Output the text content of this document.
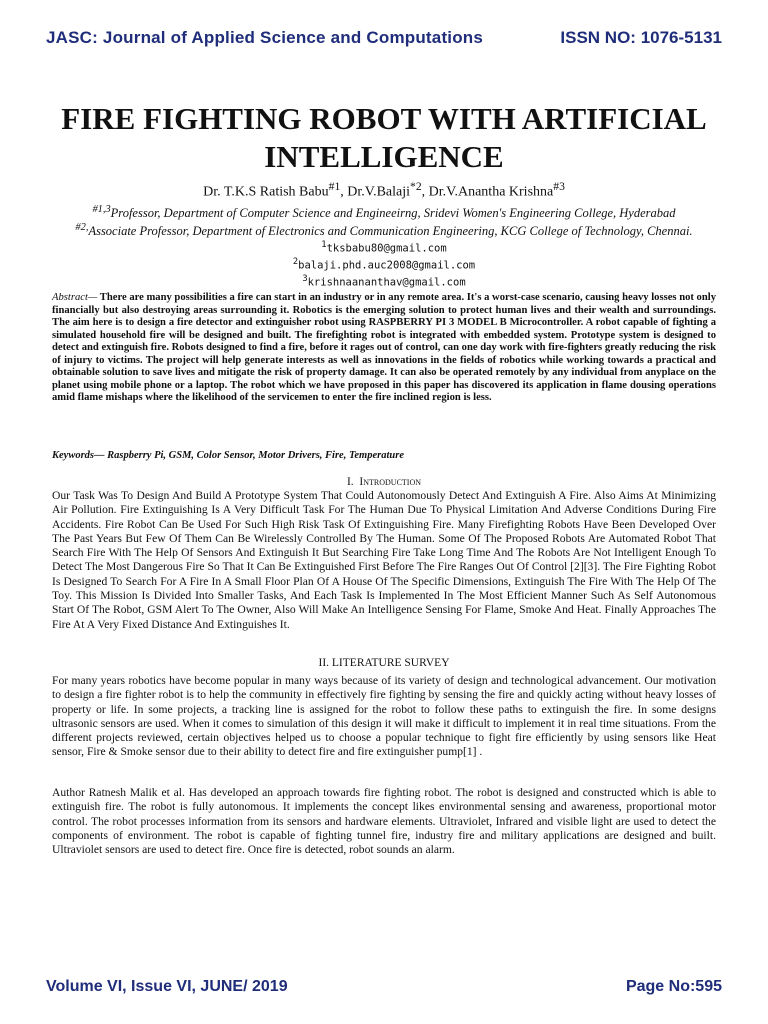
JASC: Journal of Applied Science and Computations	ISSN NO: 1076-5131
FIRE FIGHTING ROBOT WITH ARTIFICIAL INTELLIGENCE
Dr. T.K.S Ratish Babu$^{\#1}$, Dr.V.Balaji$^{*2}$, Dr.V.Anantha Krishna$^{\#3}$
$^{\#1,3}$Professor, Department of Computer Science and Engineeirng, Sridevi Women's Engineering College, Hyderabad
$^{\#2,}$Associate Professor, Department of Electronics and Communication Engineering, KCG College of Technology, Chennai.
$^1$tksbabu80@gmail.com
$^2$balaji.phd.auc2008@gmail.com
$^3$krishnaananthav@gmail.com

Abstract— There are many possibilities a fire can start in an industry or in any remote area. It's a worst-case scenario, causing heavy losses not only financially but also destroying areas surrounding it. Robotics is the emerging solution to protect human lives and their wealth and surroundings. The aim here is to design a fire detector and extinguisher robot using RASPBERRY PI 3 MODEL B Microcontroller. A robot capable of fighting a simulated household fire will be designed and built. The firefighting robot is integrated with embedded system. Prototype system is designed to detect and extinguish fire. Robots designed to find a fire, before it rages out of control, can one day work with fire-fighters greatly reducing the risk of injury to victims. The project will help generate interests as well as innovations in the fields of robotics while working towards a practical and obtainable solution to save lives and mitigate the risk of property damage. It can also be operated remotely by any individual from anyplace on the planet using mobile phone or a laptop. The robot which we have proposed in this paper has discovered its application in flame dousing operations amid flame mishaps where the likelihood of the servicemen to enter the fire inclined region is less.

Keywords— Raspberry Pi, GSM, Color Sensor, Motor Drivers, Fire, Temperature
I. Introduction

Our Task Was To Design And Build A Prototype System That Could Autonomously Detect And Extinguish A Fire. Also Aims At Minimizing Air Pollution. Fire Extinguishing Is A Very Difficult Task For The Human Due To Physical Limitation And Adverse Conditions During Fire Accidents. Fire Robot Can Be Used For Such High Risk Task Of Extinguishing Fire. Many Firefighting Robots Have Been Developed Over The Past Years But Few Of Them Can Be Wirelessly Controlled By The Human. Some Of The Proposed Robots Are Automated Robot That Search Fire With The Help Of Sensors And Extinguish It But Searching Fire Take Long Time And The Robots Are Not Intelligent Enough To Detect The Most Dangerous Fire So That It Can Be Extinguished First Before The Fire Ranges Out Of Control [2][3]. The Fire Fighting Robot Is Designed To Search For A Fire In A Small Floor Plan Of A House Of The Specific Dimensions, Extinguish The Fire With The Help Of The Toy. This Mission Is Divided Into Smaller Tasks, And Each Task Is Implemented In The Most Efficient Manner Such As Self Autonomous Start Of The Robot, GSM Alert To The Owner, Also Will Make An Intelligence Sensing For Flame, Smoke And Heat. Finally Approaches The Fire At A Very Fixed Distance And Extinguishes It.

II. LITERATURE SURVEY

For many years robotics have become popular in many ways because of its variety of design and technological advancement. Our motivation to design a fire fighter robot is to help the community in effectively fire fighting by sensing the fire and quickly acting without heavy losses of property or life. In some projects, a tracking line is assigned for the robot to follow these paths to extinguish the fire. In some designs ultrasonic sensors are used. When it comes to simulation of this design it will make it difficult to implement it in real time situations. From the different projects reviewed, certain objectives helped us to choose a popular technique to fight fire efficiently by using sensors like Heat sensor, Fire & Smoke sensor due to their ability to detect fire and fire extinguisher pump[1] .

Author Ratnesh Malik et al. Has developed an approach towards fire fighting robot. The robot is designed and constructed which is able to extinguish fire. The robot is fully autonomous. It implements the concept likes environmental sensing and awareness, proportional motor control. The robot processes information from its sensors and hardware elements. Ultraviolet, Infrared and visible light are used to detect the components of environment. The robot is capable of fighting tunnel fire, industry fire and military applications are designed and built. Ultraviolet sensors are used to detect fire. Once fire is detected, robot sounds an alarm.

Volume VI, Issue VI, JUNE/ 2019	Page No:595
